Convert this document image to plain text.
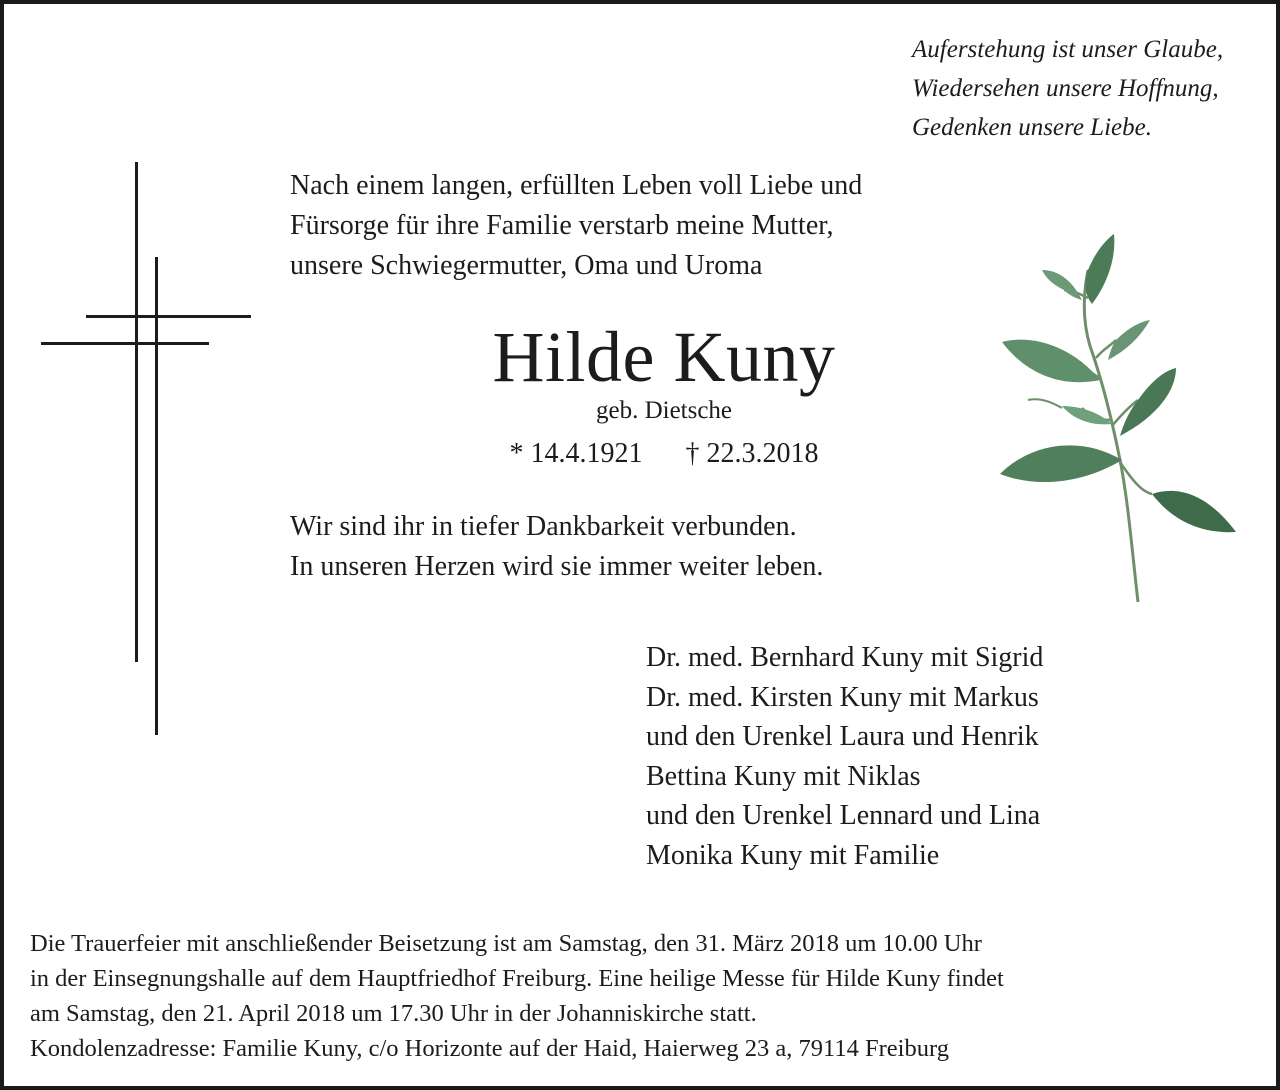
Auferstehung ist unser Glaube,
Wiedersehen unsere Hoffnung,
Gedenken unsere Liebe.
Nach einem langen, erfüllten Leben voll Liebe und
Fürsorge für ihre Familie verstarb meine Mutter,
unsere Schwiegermutter, Oma und Uroma
Hilde Kuny
geb. Dietsche
* 14.4.1921 † 22.3.2018
Wir sind ihr in tiefer Dankbarkeit verbunden.
In unseren Herzen wird sie immer weiter leben.
Dr. med. Bernhard Kuny mit Sigrid
Dr. med. Kirsten Kuny mit Markus
und den Urenkel Laura und Henrik
Bettina Kuny mit Niklas
und den Urenkel Lennard und Lina
Monika Kuny mit Familie
Die Trauerfeier mit anschließender Beisetzung ist am Samstag, den 31. März 2018 um 10.00 Uhr
in der Einsegnungshalle auf dem Hauptfriedhof Freiburg. Eine heilige Messe für Hilde Kuny findet
am Samstag, den 21. April 2018 um 17.30 Uhr in der Johanniskirche statt.
Kondolenzadresse: Familie Kuny, c/o Horizonte auf der Haid, Haierweg 23 a, 79114 Freiburg
